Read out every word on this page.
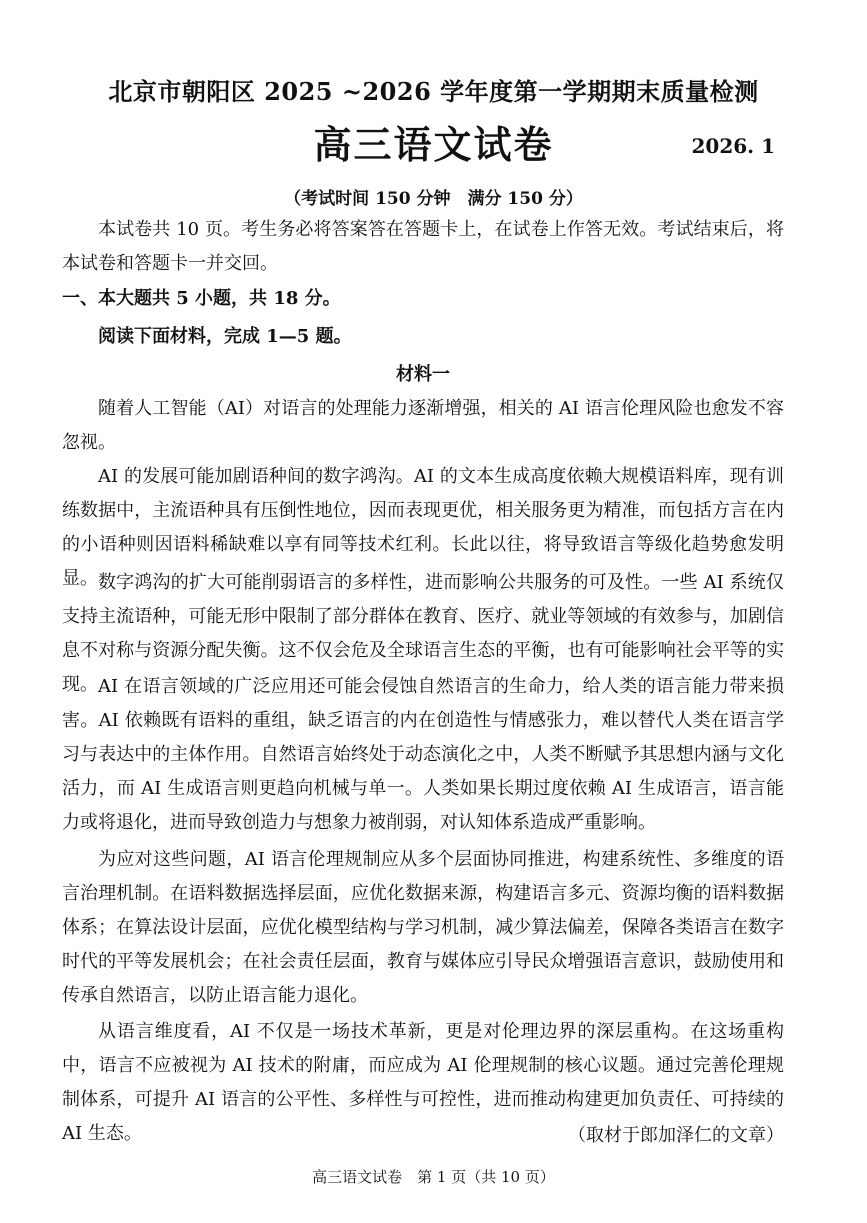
北京市朝阳区 2025 ~2026 学年度第一学期期末质量检测
高三语文试卷	2026. 1
（考试时间 150 分钟　满分 150 分）
本试卷共 10 页。考生务必将答案答在答题卡上，在试卷上作答无效。考试结束后，将本试卷和答题卡一并交回。
一、本大题共 5 小题，共 18 分。
阅读下面材料，完成 1—5 题。
材料一
随着人工智能（AI）对语言的处理能力逐渐增强，相关的 AI 语言伦理风险也愈发不容忽视。
AI 的发展可能加剧语种间的数字鸿沟。AI 的文本生成高度依赖大规模语料库，现有训练数据中，主流语种具有压倒性地位，因而表现更优，相关服务更为精准，而包括方言在内的小语种则因语料稀缺难以享有同等技术红利。长此以往，将导致语言等级化趋势愈发明显。 数字鸿沟的扩大可能削弱语言的多样性，进而影响公共服务的可及性。一些 AI 系统仅支持主流语种，可能无形中限制了部分群体在教育、医疗、就业等领域的有效参与，加剧信息不对称与资源分配失衡。这不仅会危及全球语言生态的平衡，也有可能影响社会平等的实现。 AI 在语言领域的广泛应用还可能会侵蚀自然语言的生命力，给人类的语言能力带来损害。AI 依赖既有语料的重组，缺乏语言的内在创造性与情感张力，难以替代人类在语言学习与表达中的主体作用。自然语言始终处于动态演化之中，人类不断赋予其思想内涵与文化活力，而 AI 生成语言则更趋向机械与单一。人类如果长期过度依赖 AI 生成语言，语言能力或将退化，进而导致创造力与想象力被削弱，对认知体系造成严重影响。
为应对这些问题，AI 语言伦理规制应从多个层面协同推进，构建系统性、多维度的语言治理机制。在语料数据选择层面，应优化数据来源，构建语言多元、资源均衡的语料数据体系；在算法设计层面，应优化模型结构与学习机制，减少算法偏差，保障各类语言在数字时代的平等发展机会；在社会责任层面，教育与媒体应引导民众增强语言意识，鼓励使用和传承自然语言，以防止语言能力退化。
从语言维度看，AI 不仅是一场技术革新，更是对伦理边界的深层重构。在这场重构中，语言不应被视为 AI 技术的附庸，而应成为 AI 伦理规制的核心议题。通过完善伦理规制体系，可提升 AI 语言的公平性、多样性与可控性，进而推动构建更加负责任、可持续的 AI 生态。	（取材于郎加泽仁的文章）
高三语文试卷　第 1 页（共 10 页）
